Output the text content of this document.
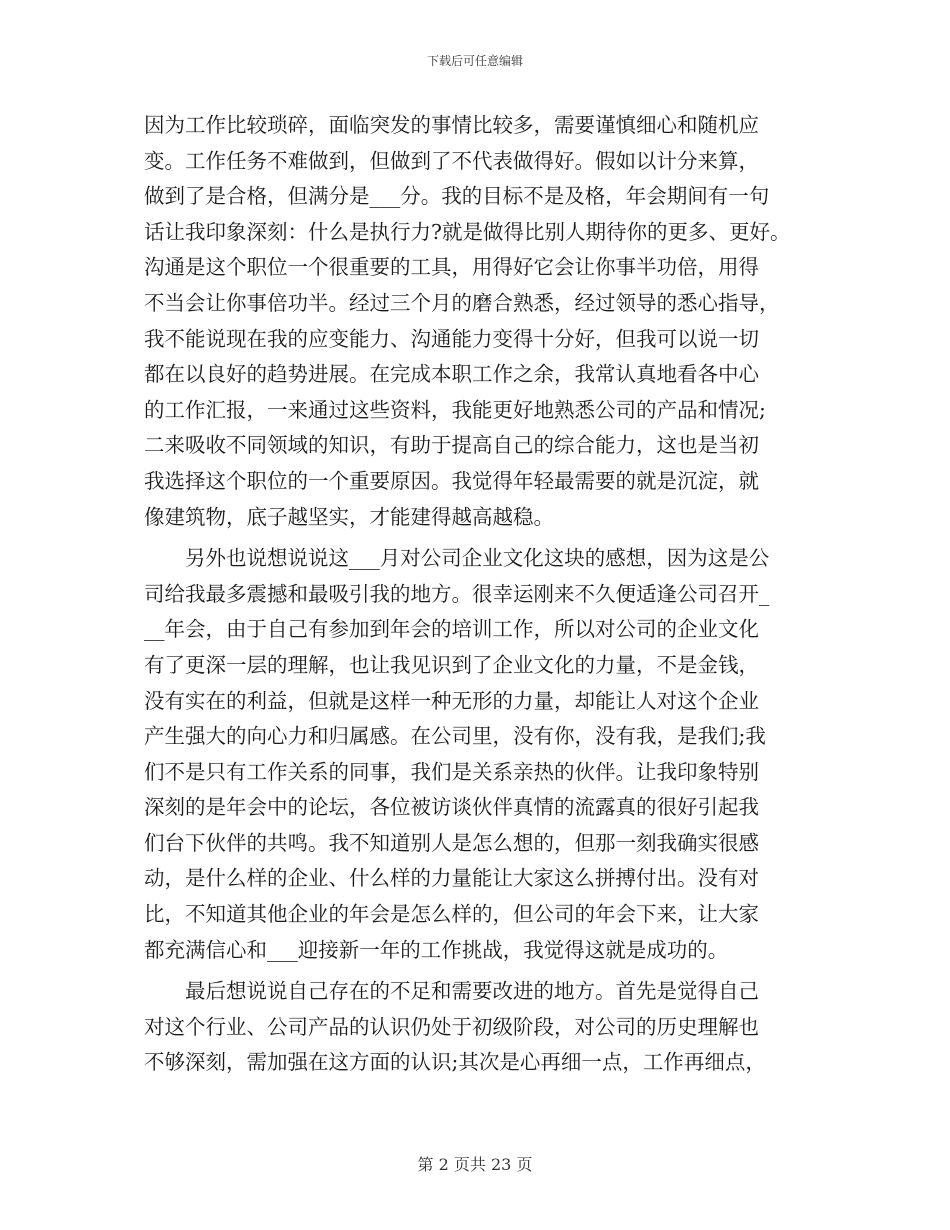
下载后可任意编辑
因为工作比较琐碎，面临突发的事情比较多，需要谨慎细心和随机应
变。工作任务不难做到，但做到了不代表做得好。假如以计分来算，
做到了是合格，但满分是___分。我的目标不是及格，年会期间有一句
话让我印象深刻：什么是执行力?就是做得比别人期待你的更多、更好。
沟通是这个职位一个很重要的工具，用得好它会让你事半功倍，用得
不当会让你事倍功半。经过三个月的磨合熟悉，经过领导的悉心指导，
我不能说现在我的应变能力、沟通能力变得十分好，但我可以说一切
都在以良好的趋势进展。在完成本职工作之余，我常认真地看各中心
的工作汇报，一来通过这些资料，我能更好地熟悉公司的产品和情况;
二来吸收不同领域的知识，有助于提高自己的综合能力，这也是当初
我选择这个职位的一个重要原因。我觉得年轻最需要的就是沉淀，就
像建筑物，底子越坚实，才能建得越高越稳。
另外也说想说说这___月对公司企业文化这块的感想，因为这是公
司给我最多震撼和最吸引我的地方。很幸运刚来不久便适逢公司召开_
__年会，由于自己有参加到年会的培训工作，所以对公司的企业文化
有了更深一层的理解，也让我见识到了企业文化的力量，不是金钱，
没有实在的利益，但就是这样一种无形的力量，却能让人对这个企业
产生强大的向心力和归属感。在公司里，没有你，没有我，是我们;我
们不是只有工作关系的同事，我们是关系亲热的伙伴。让我印象特别
深刻的是年会中的论坛，各位被访谈伙伴真情的流露真的很好引起我
们台下伙伴的共鸣。我不知道别人是怎么想的，但那一刻我确实很感
动，是什么样的企业、什么样的力量能让大家这么拼搏付出。没有对
比，不知道其他企业的年会是怎么样的，但公司的年会下来，让大家
都充满信心和___迎接新一年的工作挑战，我觉得这就是成功的。
最后想说说自己存在的不足和需要改进的地方。首先是觉得自己
对这个行业、公司产品的认识仍处于初级阶段，对公司的历史理解也
不够深刻，需加强在这方面的认识;其次是心再细一点，工作再细点，
第 2 页共 23 页
